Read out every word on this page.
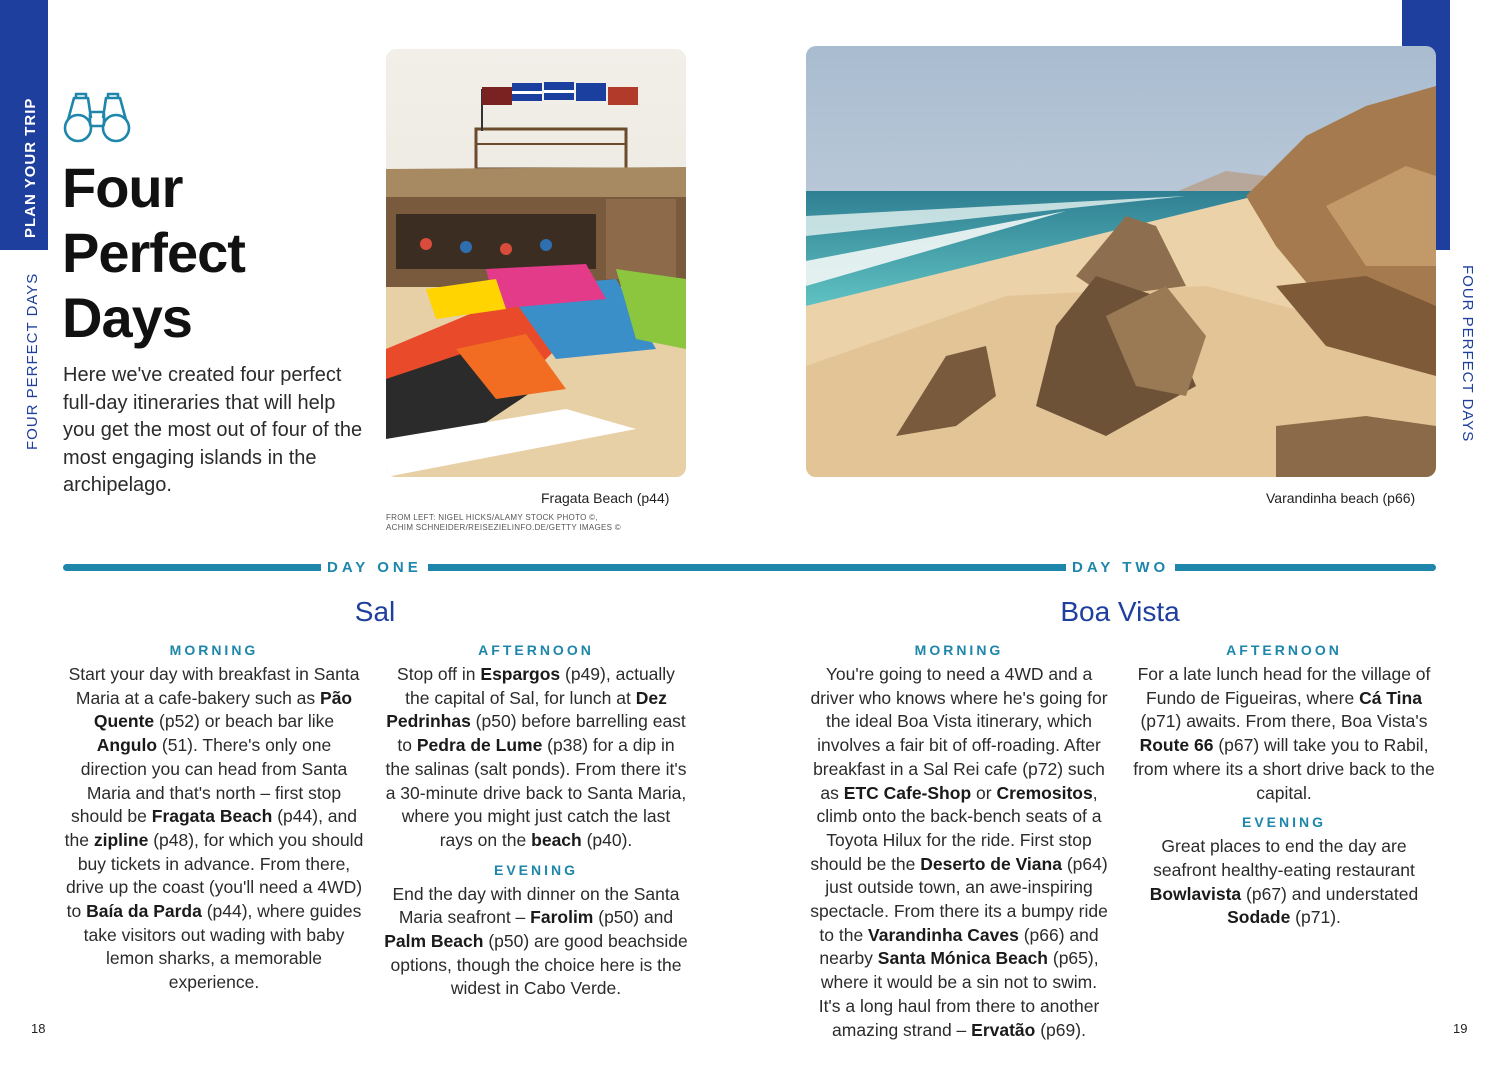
PLAN YOUR TRIP
FOUR PERFECT DAYS
PLAN YOUR TRIP
FOUR PERFECT DAYS
18	19
Four
Perfect
Days
Here we've created four perfect full-day itineraries that will help you get the most out of four of the most engaging islands in the archipelago.
Fragata Beach (p44)	Varandinha beach (p66)
FROM LEFT: NIGEL HICKS/ALAMY STOCK PHOTO ©,
ACHIM SCHNEIDER/REISEZIELINFO.DE/GETTY IMAGES ©
DAY ONE	DAY TWO
Sal	Boa Vista
MORNING

Start your day with breakfast in Santa Maria at a cafe-bakery such as Pão Quente (p52) or beach bar like Angulo (51). There's only one direction you can head from Santa Maria and that's north – first stop should be Fragata Beach (p44), and the zipline (p48), for which you should buy tickets in advance. From there, drive up the coast (you'll need a 4WD) to Baía da Parda (p44), where guides take visitors out wading with baby lemon sharks, a memorable experience.

AFTERNOON

Stop off in Espargos (p49), actually the capital of Sal, for lunch at Dez Pedrinhas (p50) before barrelling east to Pedra de Lume (p38) for a dip in the salinas (salt ponds). From there it's a 30-minute drive back to Santa Maria, where you might just catch the last rays on the beach (p40).

EVENING

End the day with dinner on the Santa Maria seafront – Farolim (p50) and Palm Beach (p50) are good beachside options, though the choice here is the widest in Cabo Verde.

MORNING

You're going to need a 4WD and a driver who knows where he's going for the ideal Boa Vista itinerary, which involves a fair bit of off-roading. After breakfast in a Sal Rei cafe (p72) such as ETC Cafe-Shop or Cremositos, climb onto the back-bench seats of a Toyota Hilux for the ride. First stop should be the Deserto de Viana (p64) just outside town, an awe-inspiring spectacle. From there its a bumpy ride to the Varandinha Caves (p66) and nearby Santa Mónica Beach (p65), where it would be a sin not to swim. It's a long haul from there to another amazing strand – Ervatão (p69).

AFTERNOON

For a late lunch head for the village of Fundo de Figueiras, where Cá Tina (p71) awaits. From there, Boa Vista's Route 66 (p67) will take you to Rabil, from where its a short drive back to the capital.

EVENING

Great places to end the day are seafront healthy-eating restaurant Bowlavista (p67) and understated Sodade (p71).
